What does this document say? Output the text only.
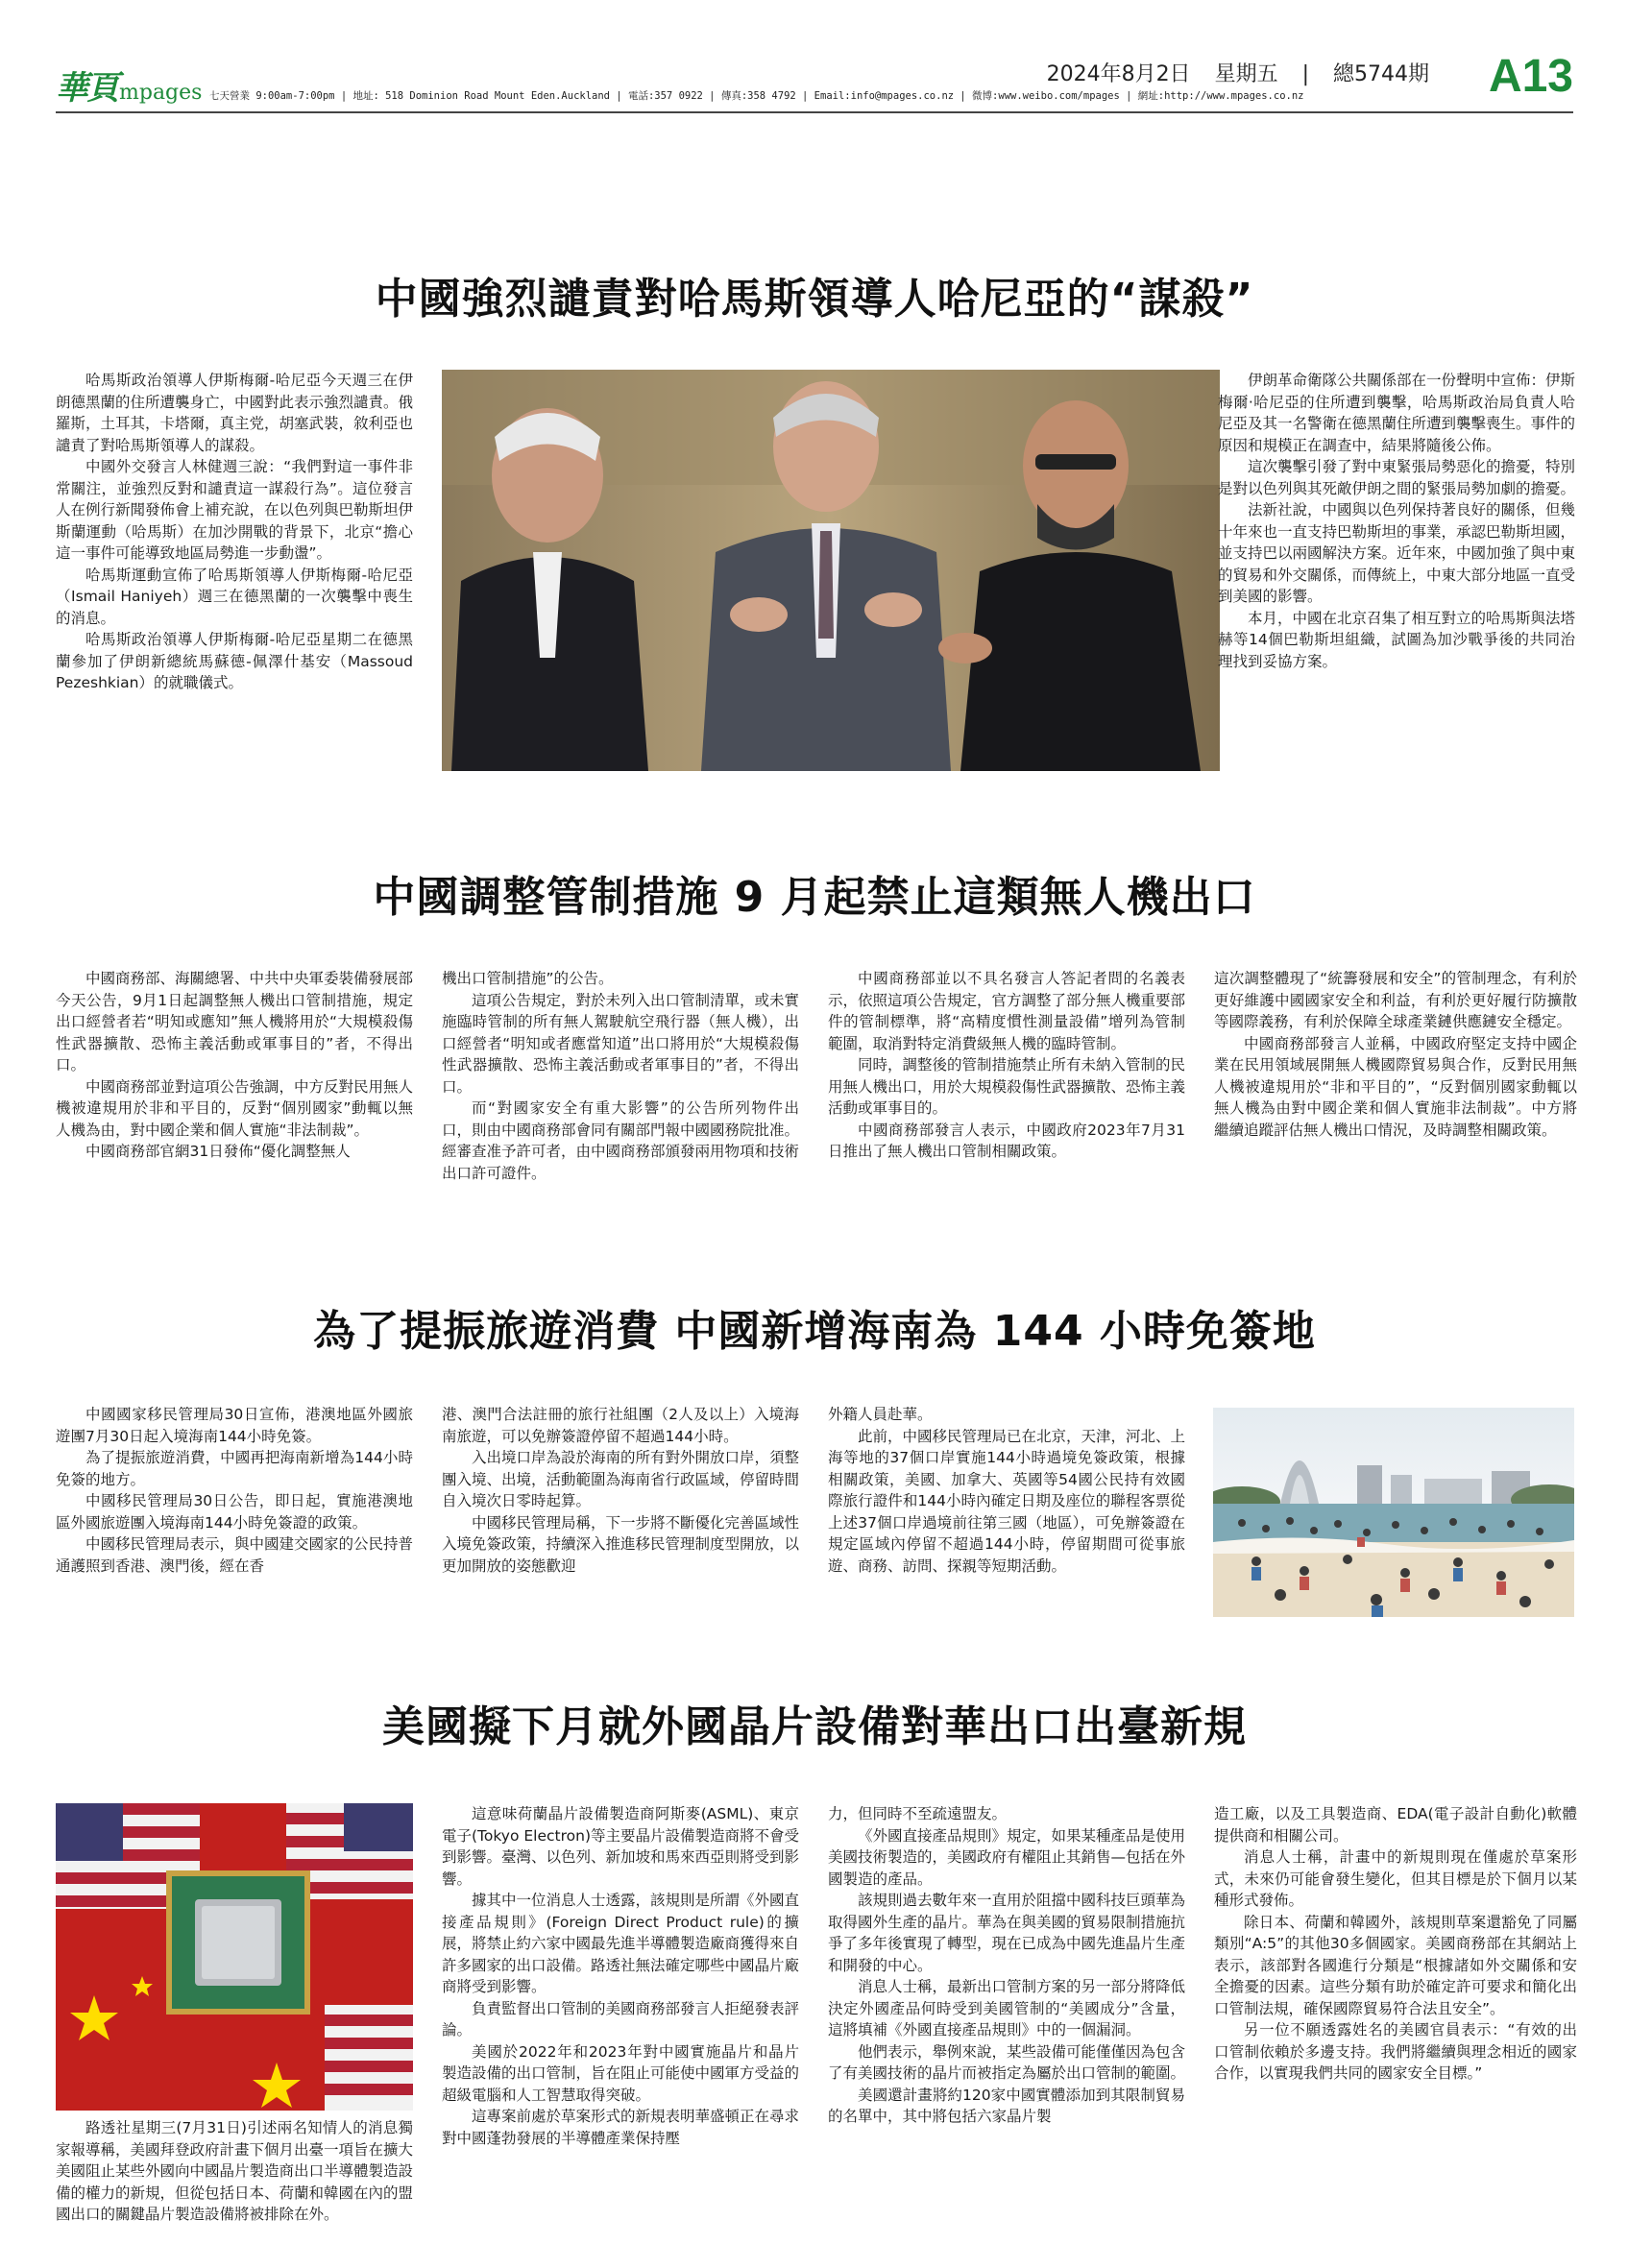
華頁 mpages 七天營業 9:00am-7:00pm | 地址: 518 Dominion Road Mount Eden.Auckland | 電話:357 0922 | 傳真:358 4792 | Email:info@mpages.co.nz | 微博:www.weibo.com/mpages | 網址:http://www.mpages.co.nz
2024年8月2日 星期五 | 總5744期 A13
中國強烈譴責對哈馬斯領導人哈尼亞的“謀殺”

哈馬斯政治領導人伊斯梅爾-哈尼亞今天週三在伊朗德黑蘭的住所遭襲身亡，中國對此表示強烈譴責。俄羅斯，土耳其，卡塔爾，真主党，胡塞武裝，敘利亞也譴責了對哈馬斯領導人的謀殺。

中國外交發言人林健週三說：“我們對這一事件非常關注，並強烈反對和譴責這一謀殺行為”。這位發言人在例行新聞發佈會上補充說，在以色列與巴勒斯坦伊斯蘭運動（哈馬斯）在加沙開戰的背景下，北京“擔心這一事件可能導致地區局勢進一步動盪”。

哈馬斯運動宣佈了哈馬斯領導人伊斯梅爾-哈尼亞（Ismail Haniyeh）週三在德黑蘭的一次襲擊中喪生的消息。

哈馬斯政治領導人伊斯梅爾-哈尼亞星期二在德黑蘭參加了伊朗新總統馬蘇德-佩澤什基安（Massoud Pezeshkian）的就職儀式。

伊朗革命衛隊公共關係部在一份聲明中宣佈：伊斯梅爾·哈尼亞的住所遭到襲擊，哈馬斯政治局負責人哈尼亞及其一名警衛在德黑蘭住所遭到襲擊喪生。事件的原因和規模正在調查中，結果將隨後公佈。

這次襲擊引發了對中東緊張局勢惡化的擔憂，特別是對以色列與其死敵伊朗之間的緊張局勢加劇的擔憂。

法新社說，中國與以色列保持著良好的關係，但幾十年來也一直支持巴勒斯坦的事業，承認巴勒斯坦國，並支持巴以兩國解決方案。近年來，中國加強了與中東的貿易和外交關係，而傳統上，中東大部分地區一直受到美國的影響。

本月，中國在北京召集了相互對立的哈馬斯與法塔赫等14個巴勒斯坦組織，試圖為加沙戰爭後的共同治理找到妥協方案。

中國調整管制措施 9 月起禁止這類無人機出口

中國商務部、海關總署、中共中央軍委裝備發展部今天公告，9月1日起調整無人機出口管制措施，規定出口經營者若“明知或應知”無人機將用於“大規模殺傷性武器擴散、恐怖主義活動或軍事目的”者，不得出口。

中國商務部並對這項公告強調，中方反對民用無人機被違規用於非和平目的，反對“個別國家”動輒以無人機為由，對中國企業和個人實施“非法制裁”。

中國商務部官網31日發佈“優化調整無人

機出口管制措施”的公告。

這項公告規定，對於未列入出口管制清單，或未實施臨時管制的所有無人駕駛航空飛行器（無人機），出口經營者“明知或者應當知道”出口將用於“大規模殺傷性武器擴散、恐怖主義活動或者軍事目的”者，不得出口。

而“對國家安全有重大影響”的公告所列物件出口，則由中國商務部會同有關部門報中國國務院批准。經審查准予許可者，由中國商務部頒發兩用物項和技術出口許可證件。

中國商務部並以不具名發言人答記者問的名義表示，依照這項公告規定，官方調整了部分無人機重要部件的管制標準，將“高精度慣性測量設備”增列為管制範圍，取消對特定消費級無人機的臨時管制。

同時，調整後的管制措施禁止所有未納入管制的民用無人機出口，用於大規模殺傷性武器擴散、恐怖主義活動或軍事目的。

中國商務部發言人表示，中國政府2023年7月31日推出了無人機出口管制相關政策。

這次調整體現了“統籌發展和安全”的管制理念，有利於更好維護中國國家安全和利益，有利於更好履行防擴散等國際義務，有利於保障全球產業鏈供應鏈安全穩定。

中國商務部發言人並稱，中國政府堅定支持中國企業在民用領域展開無人機國際貿易與合作，反對民用無人機被違規用於“非和平目的”，“反對個別國家動輒以無人機為由對中國企業和個人實施非法制裁”。中方將繼續追蹤評估無人機出口情況，及時調整相關政策。

為了提振旅遊消費 中國新增海南為 144 小時免簽地

中國國家移民管理局30日宣佈，港澳地區外國旅遊團7月30日起入境海南144小時免簽。

為了提振旅遊消費，中國再把海南新增為144小時免簽的地方。

中國移民管理局30日公告，即日起，實施港澳地區外國旅遊團入境海南144小時免簽證的政策。

中國移民管理局表示，與中國建交國家的公民持普通護照到香港、澳門後，經在香

港、澳門合法註冊的旅行社組團（2人及以上）入境海南旅遊，可以免辦簽證停留不超過144小時。

入出境口岸為設於海南的所有對外開放口岸，須整團入境、出境，活動範圍為海南省行政區域，停留時間自入境次日零時起算。

中國移民管理局稱，下一步將不斷優化完善區域性入境免簽政策，持續深入推進移民管理制度型開放，以更加開放的姿態歡迎

外籍人員赴華。

此前，中國移民管理局已在北京，天津，河北、上海等地的37個口岸實施144小時過境免簽政策，根據相關政策，美國、加拿大、英國等54國公民持有效國際旅行證件和144小時內確定日期及座位的聯程客票從上述37個口岸過境前往第三國（地區），可免辦簽證在規定區域內停留不超過144小時，停留期間可從事旅遊、商務、訪問、探親等短期活動。

美國擬下月就外國晶片設備對華出口出臺新規

路透社星期三(7月31日)引述兩名知情人的消息獨家報導稱，美國拜登政府計畫下個月出臺一項旨在擴大美國阻止某些外國向中國晶片製造商出口半導體製造設備的權力的新規，但從包括日本、荷蘭和韓國在內的盟國出口的關鍵晶片製造設備將被排除在外。

這意味荷蘭晶片設備製造商阿斯麥(ASML)、東京電子(Tokyo Electron)等主要晶片設備製造商將不會受到影響。臺灣、以色列、新加坡和馬來西亞則將受到影響。

據其中一位消息人士透露，該規則是所謂《外國直接產品規則》(Foreign Direct Product rule)的擴展，將禁止約六家中國最先進半導體製造廠商獲得來自許多國家的出口設備。路透社無法確定哪些中國晶片廠商將受到影響。

負責監督出口管制的美國商務部發言人拒絕發表評論。

美國於2022年和2023年對中國實施晶片和晶片製造設備的出口管制，旨在阻止可能使中國軍方受益的超級電腦和人工智慧取得突破。

這專案前處於草案形式的新規表明華盛頓正在尋求對中國蓬勃發展的半導體產業保持壓

力，但同時不至疏遠盟友。

《外國直接產品規則》規定，如果某種產品是使用美國技術製造的，美國政府有權阻止其銷售—包括在外國製造的產品。

該規則過去數年來一直用於阻擋中國科技巨頭華為取得國外生產的晶片。華為在與美國的貿易限制措施抗爭了多年後實現了轉型，現在已成為中國先進晶片生產和開發的中心。

消息人士稱，最新出口管制方案的另一部分將降低決定外國產品何時受到美國管制的“美國成分”含量，這將填補《外國直接產品規則》中的一個漏洞。

他們表示，舉例來說，某些設備可能僅僅因為包含了有美國技術的晶片而被指定為屬於出口管制的範圍。

美國還計畫將約120家中國實體添加到其限制貿易的名單中，其中將包括六家晶片製

造工廠，以及工具製造商、EDA(電子設計自動化)軟體提供商和相關公司。

消息人士稱，計畫中的新規則現在僅處於草案形式，未來仍可能會發生變化，但其目標是於下個月以某種形式發佈。

除日本、荷蘭和韓國外，該規則草案還豁免了同屬類別“A:5”的其他30多個國家。美國商務部在其網站上表示，該部對各國進行分類是“根據諸如外交關係和安全擔憂的因素。這些分類有助於確定許可要求和簡化出口管制法規，確保國際貿易符合法且安全”。

另一位不願透露姓名的美國官員表示：“有效的出口管制依賴於多邊支持。我們將繼續與理念相近的國家合作，以實現我們共同的國家安全目標。”
